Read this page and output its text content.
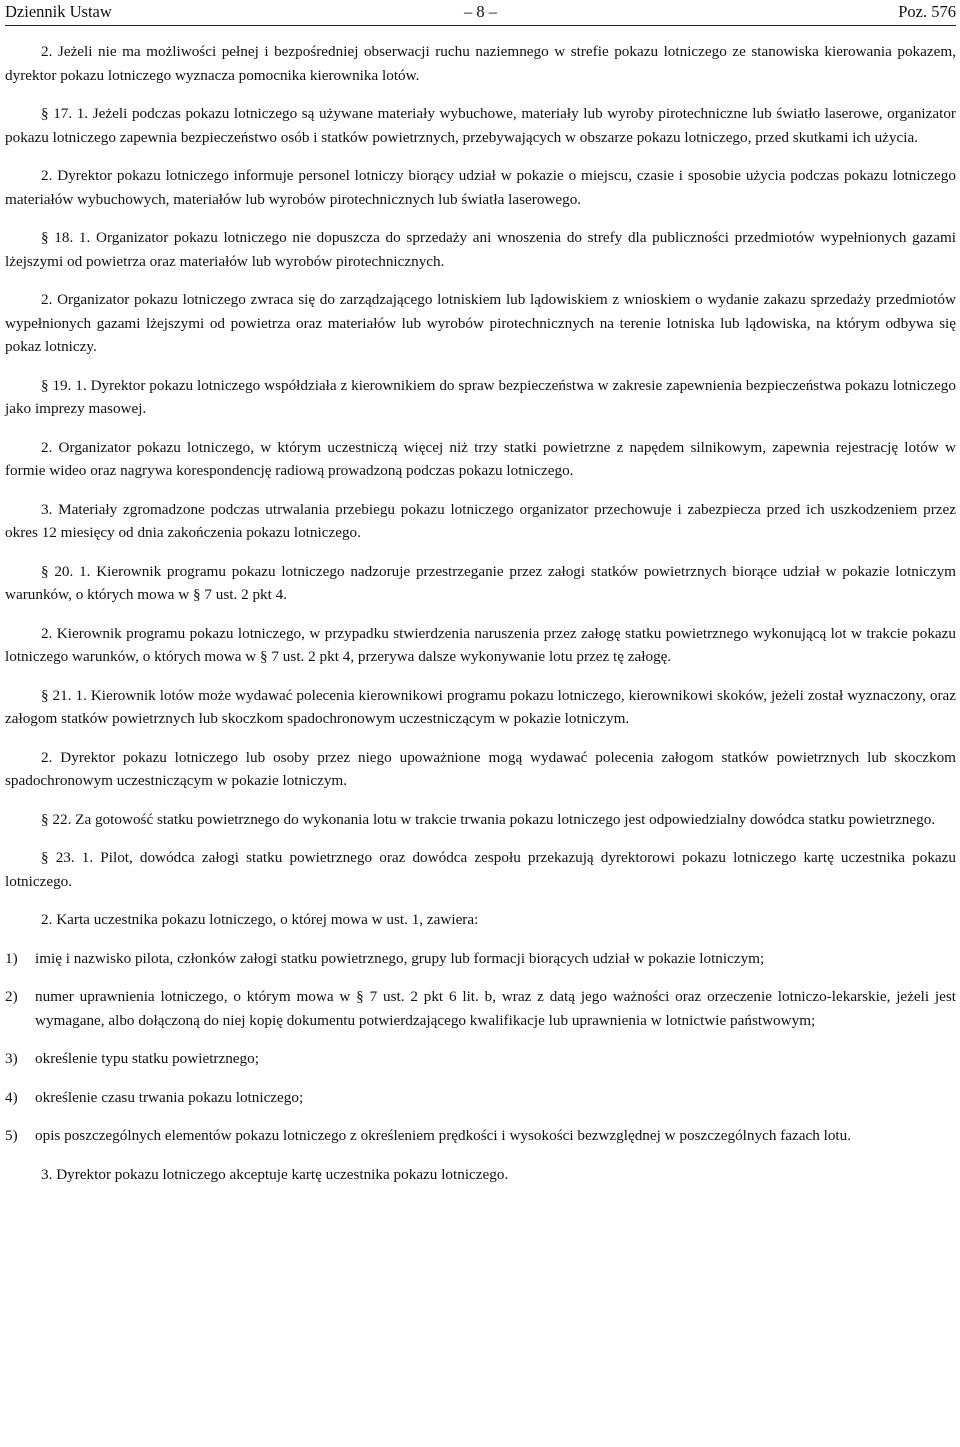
Dziennik Ustaw	– 8 –	Poz. 576

2. Jeżeli nie ma możliwości pełnej i bezpośredniej obserwacji ruchu naziemnego w strefie pokazu lotniczego ze stanowiska kierowania pokazem, dyrektor pokazu lotniczego wyznacza pomocnika kierownika lotów.

§ 17. 1. Jeżeli podczas pokazu lotniczego są używane materiały wybuchowe, materiały lub wyroby pirotechniczne lub światło laserowe, organizator pokazu lotniczego zapewnia bezpieczeństwo osób i statków powietrznych, przebywających w obszarze pokazu lotniczego, przed skutkami ich użycia.

2. Dyrektor pokazu lotniczego informuje personel lotniczy biorący udział w pokazie o miejscu, czasie i sposobie użycia podczas pokazu lotniczego materiałów wybuchowych, materiałów lub wyrobów pirotechnicznych lub światła laserowego.

§ 18. 1. Organizator pokazu lotniczego nie dopuszcza do sprzedaży ani wnoszenia do strefy dla publiczności przedmiotów wypełnionych gazami lżejszymi od powietrza oraz materiałów lub wyrobów pirotechnicznych.

2. Organizator pokazu lotniczego zwraca się do zarządzającego lotniskiem lub lądowiskiem z wnioskiem o wydanie zakazu sprzedaży przedmiotów wypełnionych gazami lżejszymi od powietrza oraz materiałów lub wyrobów pirotechnicznych na terenie lotniska lub lądowiska, na którym odbywa się pokaz lotniczy.

§ 19. 1. Dyrektor pokazu lotniczego współdziała z kierownikiem do spraw bezpieczeństwa w zakresie zapewnienia bezpieczeństwa pokazu lotniczego jako imprezy masowej.

2. Organizator pokazu lotniczego, w którym uczestniczą więcej niż trzy statki powietrzne z napędem silnikowym, zapewnia rejestrację lotów w formie wideo oraz nagrywa korespondencję radiową prowadzoną podczas pokazu lotniczego.

3. Materiały zgromadzone podczas utrwalania przebiegu pokazu lotniczego organizator przechowuje i zabezpiecza przed ich uszkodzeniem przez okres 12 miesięcy od dnia zakończenia pokazu lotniczego.

§ 20. 1. Kierownik programu pokazu lotniczego nadzoruje przestrzeganie przez załogi statków powietrznych biorące udział w pokazie lotniczym warunków, o których mowa w § 7 ust. 2 pkt 4.

2. Kierownik programu pokazu lotniczego, w przypadku stwierdzenia naruszenia przez załogę statku powietrznego wykonującą lot w trakcie pokazu lotniczego warunków, o których mowa w § 7 ust. 2 pkt 4, przerywa dalsze wykonywanie lotu przez tę załogę.

§ 21. 1. Kierownik lotów może wydawać polecenia kierownikowi programu pokazu lotniczego, kierownikowi skoków, jeżeli został wyznaczony, oraz załogom statków powietrznych lub skoczkom spadochronowym uczestniczącym w pokazie lotniczym.

2. Dyrektor pokazu lotniczego lub osoby przez niego upoważnione mogą wydawać polecenia załogom statków powietrznych lub skoczkom spadochronowym uczestniczącym w pokazie lotniczym.

§ 22. Za gotowość statku powietrznego do wykonania lotu w trakcie trwania pokazu lotniczego jest odpowiedzialny dowódca statku powietrznego.

§ 23. 1. Pilot, dowódca załogi statku powietrznego oraz dowódca zespołu przekazują dyrektorowi pokazu lotniczego kartę uczestnika pokazu lotniczego.

2. Karta uczestnika pokazu lotniczego, o której mowa w ust. 1, zawiera:

1) imię i nazwisko pilota, członków załogi statku powietrznego, grupy lub formacji biorących udział w pokazie lotniczym;
2) numer uprawnienia lotniczego, o którym mowa w § 7 ust. 2 pkt 6 lit. b, wraz z datą jego ważności oraz orzeczenie lotniczo-lekarskie, jeżeli jest wymagane, albo dołączoną do niej kopię dokumentu potwierdzającego kwalifikacje lub uprawnienia w lotnictwie państwowym;
3) określenie typu statku powietrznego;
4) określenie czasu trwania pokazu lotniczego;
5) opis poszczególnych elementów pokazu lotniczego z określeniem prędkości i wysokości bezwzględnej w poszczególnych fazach lotu.

3. Dyrektor pokazu lotniczego akceptuje kartę uczestnika pokazu lotniczego.
